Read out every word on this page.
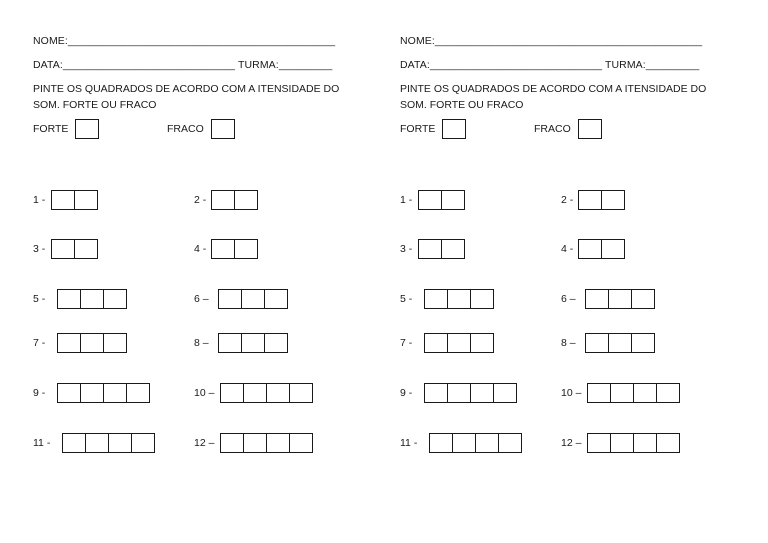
NOME:_____________________________________________
DATA:_____________________________ TURMA:_________
PINTE OS QUADRADOS DE ACORDO COM A ITENSIDADE DO SOM. FORTE OU FRACO
FORTE	FRACO
1 -	2 -
3 -	4 -
5 -	6 –
7 -	8 –
9 -	10 –
11 -	12 –
NOME:_____________________________________________
DATA:_____________________________ TURMA:_________
PINTE OS QUADRADOS DE ACORDO COM A ITENSIDADE DO SOM. FORTE OU FRACO
FORTE	FRACO
1 -	2 -
3 -	4 -
5 -	6 –
7 -	8 –
9 -	10 –
11 -	12 –
